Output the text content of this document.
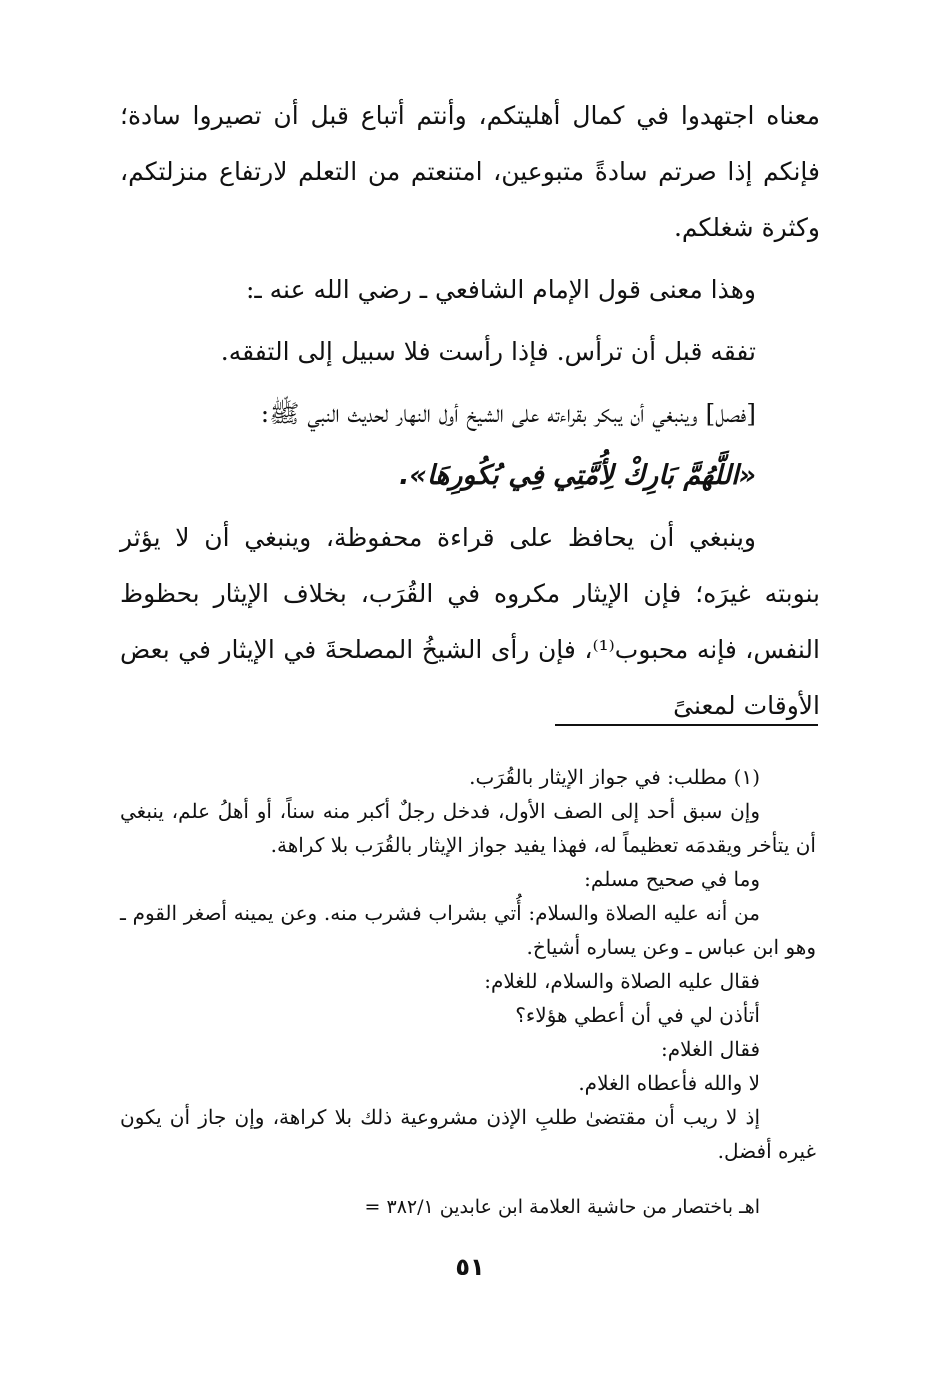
معناه اجتهدوا في كمال أهليتكم، وأنتم أتباع قبل أن تصيروا سادة؛ فإنكم إذا صرتم سادةً متبوعين، امتنعتم من التعلم لارتفاع منزلتكم، وكثرة شغلكم.

وهذا معنى قول الإمام الشافعي ـ رضي الله عنه ـ:

تفقه قبل أن ترأس. فإذا رأست فلا سبيل إلى التفقه.

[فصل] وينبغي أن يبكر بقراءته على الشيخ أول النهار لحديث النبي ﷺ:

«اللَّهُمَّ بَارِكْ لِأُمَّتِي فِي بُكُورِهَا».

وينبغي أن يحافظ على قراءة محفوظة، وينبغي أن لا يؤثر بنوبته غيرَه؛ فإن الإيثار مكروه في القُرَب، بخلاف الإيثار بحظوظ النفس، فإنه محبوب⁽¹⁾، فإن رأى الشيخُ المصلحةَ في الإيثار في بعض الأوقات لمعنىً

(١) مطلب: في جواز الإيثار بالقُرَب.

وإن سبق أحد إلى الصف الأول، فدخل رجلٌ أكبر منه سناً، أو أهلُ علم، ينبغي أن يتأخر ويقدمَه تعظيماً له، فهذا يفيد جواز الإيثار بالقُرَب بلا كراهة.

وما في صحيح مسلم:

من أنه عليه الصلاة والسلام: أُتي بشراب فشرب منه. وعن يمينه أصغر القوم ـ وهو ابن عباس ـ وعن يساره أشياخ.

فقال عليه الصلاة والسلام، للغلام:

أتأذن لي في أن أعطي هؤلاء؟

فقال الغلام:

لا والله فأعطاه الغلام.

إذ لا ريب أن مقتضىٰ طلبِ الإذن مشروعية ذلك بلا كراهة، وإن جاز أن يكون غيره أفضل.

اهـ باختصار من حاشية العلامة ابن عابدين ٣٨٢/١ =
٥١
